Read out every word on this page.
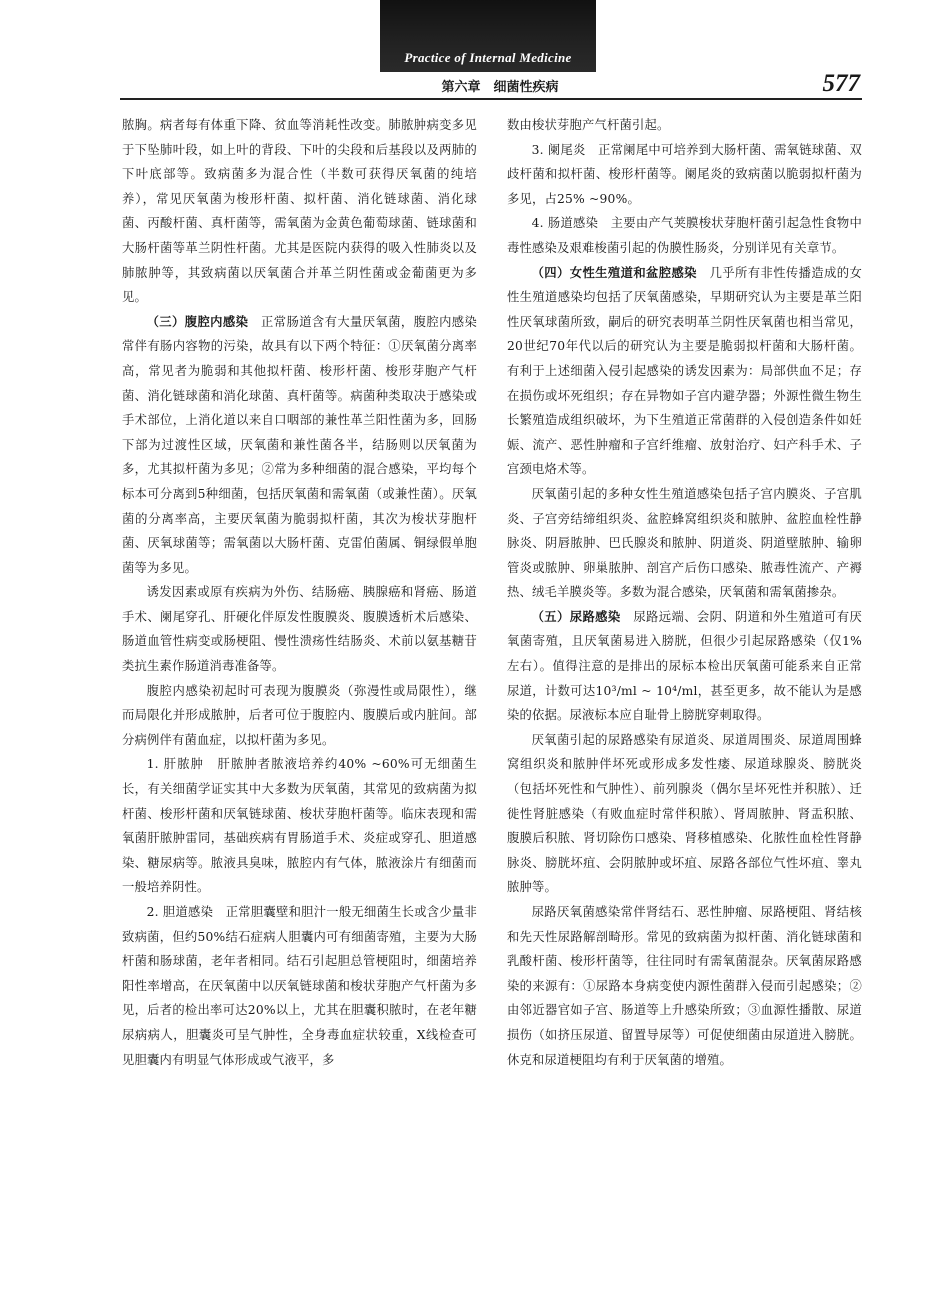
Practice of Internal Medicine
第六章　细菌性疾病	577

脓胸。病者每有体重下降、贫血等消耗性改变。肺脓肿病变多见于下坠肺叶段，如上叶的背段、下叶的尖段和后基段以及两肺的下叶底部等。致病菌多为混合性（半数可获得厌氧菌的纯培养），常见厌氧菌为梭形杆菌、拟杆菌、消化链球菌、消化球菌、丙酸杆菌、真杆菌等，需氧菌为金黄色葡萄球菌、链球菌和大肠杆菌等革兰阴性杆菌。尤其是医院内获得的吸入性肺炎以及肺脓肿等，其致病菌以厌氧菌合并革兰阴性菌或金葡菌更为多见。

（三）腹腔内感染　正常肠道含有大量厌氧菌，腹腔内感染常伴有肠内容物的污染，故具有以下两个特征：①厌氧菌分离率高，常见者为脆弱和其他拟杆菌、梭形杆菌、梭形芽胞产气杆菌、消化链球菌和消化球菌、真杆菌等。病菌种类取决于感染或手术部位，上消化道以来自口咽部的兼性革兰阳性菌为多，回肠下部为过渡性区域，厌氧菌和兼性菌各半，结肠则以厌氧菌为多，尤其拟杆菌为多见；②常为多种细菌的混合感染，平均每个标本可分离到5种细菌，包括厌氧菌和需氧菌（或兼性菌）。厌氧菌的分离率高，主要厌氧菌为脆弱拟杆菌，其次为梭状芽胞杆菌、厌氧球菌等；需氧菌以大肠杆菌、克雷伯菌属、铜绿假单胞菌等为多见。

诱发因素或原有疾病为外伤、结肠癌、胰腺癌和肾癌、肠道手术、阑尾穿孔、肝硬化伴原发性腹膜炎、腹膜透析术后感染、肠道血管性病变或肠梗阻、慢性溃疡性结肠炎、术前以氨基糖苷类抗生素作肠道消毒准备等。

腹腔内感染初起时可表现为腹膜炎（弥漫性或局限性），继而局限化并形成脓肿，后者可位于腹腔内、腹膜后或内脏间。部分病例伴有菌血症，以拟杆菌为多见。

1. 肝脓肿　肝脓肿者脓液培养约40% ~60%可无细菌生长，有关细菌学证实其中大多数为厌氧菌，其常见的致病菌为拟杆菌、梭形杆菌和厌氧链球菌、梭状芽胞杆菌等。临床表现和需氧菌肝脓肿雷同，基础疾病有胃肠道手术、炎症或穿孔、胆道感染、糖尿病等。脓液具臭味，脓腔内有气体，脓液涂片有细菌而一般培养阴性。

2. 胆道感染　正常胆囊壁和胆汁一般无细菌生长或含少量非致病菌，但约50%结石症病人胆囊内可有细菌寄殖，主要为大肠杆菌和肠球菌，老年者相同。结石引起胆总管梗阻时，细菌培养阳性率增高，在厌氧菌中以厌氧链球菌和梭状芽胞产气杆菌为多见，后者的检出率可达20%以上，尤其在胆囊积脓时，在老年糖尿病病人，胆囊炎可呈气肿性，全身毒血症状较重，X线检查可见胆囊内有明显气体形成或气液平，多

数由梭状芽胞产气杆菌引起。

3. 阑尾炎　正常阑尾中可培养到大肠杆菌、需氧链球菌、双歧杆菌和拟杆菌、梭形杆菌等。阑尾炎的致病菌以脆弱拟杆菌为多见，占25% ~90%。

4. 肠道感染　主要由产气荚膜梭状芽胞杆菌引起急性食物中毒性感染及艰难梭菌引起的伪膜性肠炎，分别详见有关章节。

（四）女性生殖道和盆腔感染　几乎所有非性传播造成的女性生殖道感染均包括了厌氧菌感染，早期研究认为主要是革兰阳性厌氧球菌所致，嗣后的研究表明革兰阴性厌氧菌也相当常见，20世纪70年代以后的研究认为主要是脆弱拟杆菌和大肠杆菌。有利于上述细菌入侵引起感染的诱发因素为：局部供血不足；存在损伤或坏死组织；存在异物如子宫内避孕器；外源性微生物生长繁殖造成组织破坏，为下生殖道正常菌群的入侵创造条件如妊娠、流产、恶性肿瘤和子宫纤维瘤、放射治疗、妇产科手术、子宫颈电烙术等。

厌氧菌引起的多种女性生殖道感染包括子宫内膜炎、子宫肌炎、子宫旁结缔组织炎、盆腔蜂窝组织炎和脓肿、盆腔血栓性静脉炎、阴唇脓肿、巴氏腺炎和脓肿、阴道炎、阴道壁脓肿、输卵管炎或脓肿、卵巢脓肿、剖宫产后伤口感染、脓毒性流产、产褥热、绒毛羊膜炎等。多数为混合感染，厌氧菌和需氧菌掺杂。

（五）尿路感染　尿路远端、会阴、阴道和外生殖道可有厌氧菌寄殖，且厌氧菌易进入膀胱，但很少引起尿路感染（仅1%左右）。值得注意的是排出的尿标本检出厌氧菌可能系来自正常尿道，计数可达10³/ml ~ 10⁴/ml，甚至更多，故不能认为是感染的依据。尿液标本应自耻骨上膀胱穿刺取得。

厌氧菌引起的尿路感染有尿道炎、尿道周围炎、尿道周围蜂窝组织炎和脓肿伴坏死或形成多发性瘘、尿道球腺炎、膀胱炎（包括坏死性和气肿性）、前列腺炎（偶尔呈坏死性并积脓）、迁徙性肾脏感染（有败血症时常伴积脓）、肾周脓肿、肾盂积脓、腹膜后积脓、肾切除伤口感染、肾移植感染、化脓性血栓性肾静脉炎、膀胱坏疽、会阴脓肿或坏疽、尿路各部位气性坏疽、睾丸脓肿等。

尿路厌氧菌感染常伴肾结石、恶性肿瘤、尿路梗阻、肾结核和先天性尿路解剖畸形。常见的致病菌为拟杆菌、消化链球菌和乳酸杆菌、梭形杆菌等，往往同时有需氧菌混杂。厌氧菌尿路感染的来源有：①尿路本身病变使内源性菌群入侵而引起感染；②由邻近器官如子宫、肠道等上升感染所致；③血源性播散、尿道损伤（如挤压尿道、留置导尿等）可促使细菌由尿道进入膀胱。休克和尿道梗阻均有利于厌氧菌的增殖。
